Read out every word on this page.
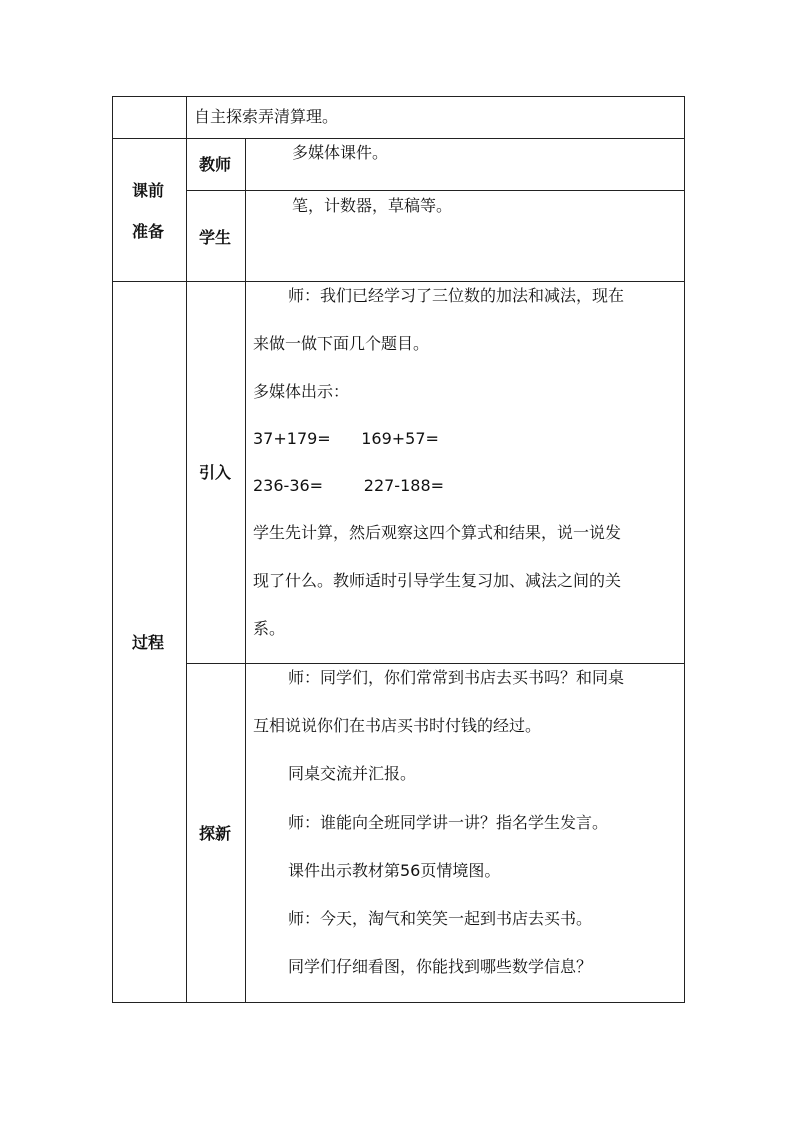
自主探索弄清算理。
课前
准备
教师
多媒体课件。
学生
笔，计数器，草稿等。
过程
引入
师：我们已经学习了三位数的加法和减法，现在
来做一做下面几个题目。
多媒体出示：
37+179=      169+57=
236-36=        227-188=
学生先计算，然后观察这四个算式和结果，说一说发
现了什么。教师适时引导学生复习加、减法之间的关
系。
探新
师：同学们，你们常常到书店去买书吗？和同桌
互相说说你们在书店买书时付钱的经过。
同桌交流并汇报。
师：谁能向全班同学讲一讲？指名学生发言。
课件出示教材第56页情境图。
师：今天，淘气和笑笑一起到书店去买书。
同学们仔细看图，你能找到哪些数学信息？
